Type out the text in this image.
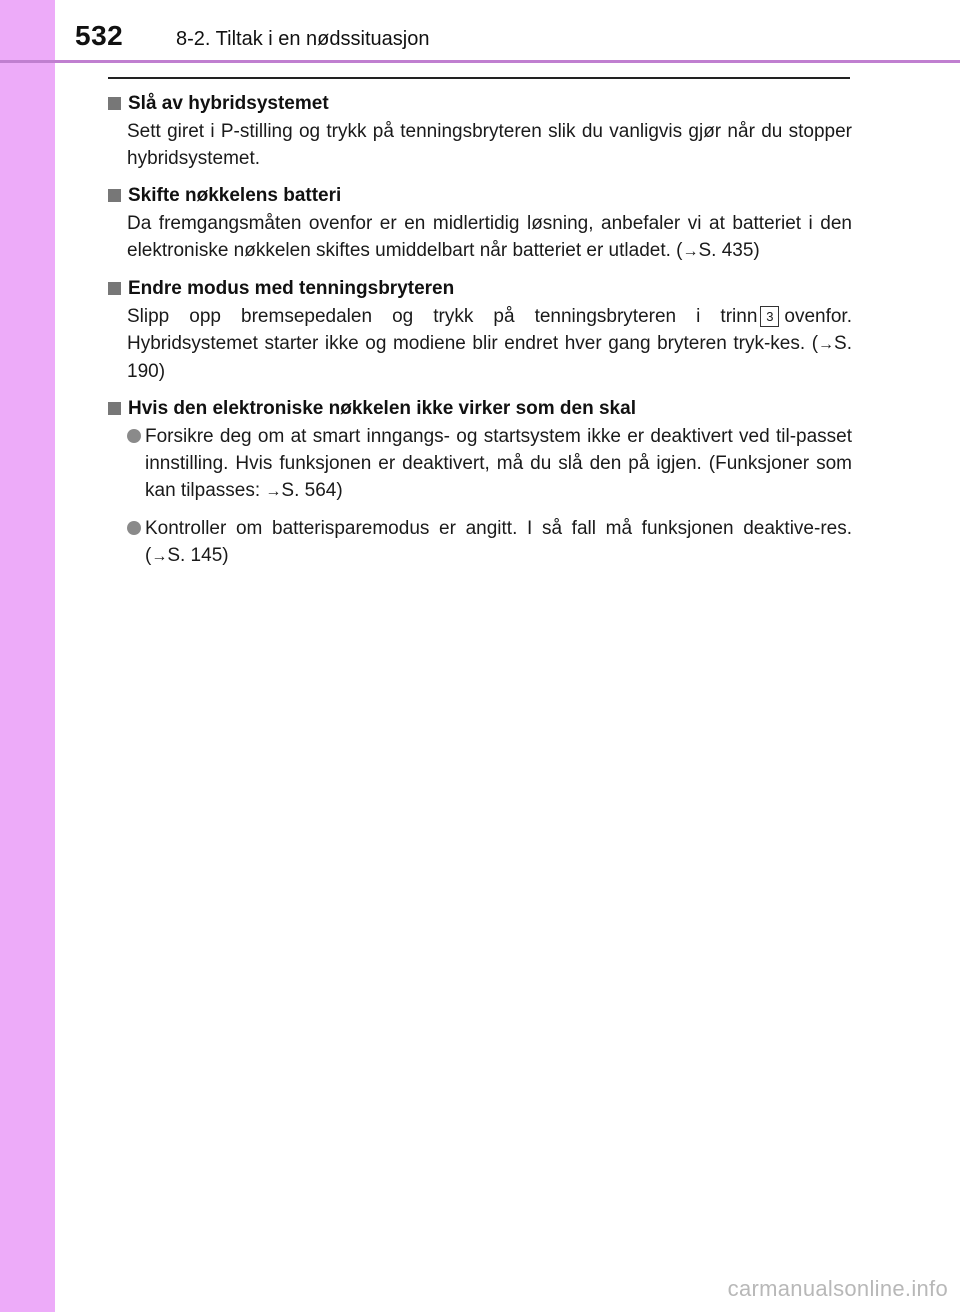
532	8-2. Tiltak i en nødssituasjon
Slå av hybridsystemet
Sett giret i P-stilling og trykk på tenningsbryteren slik du vanligvis gjør når du stopper hybridsystemet.
Skifte nøkkelens batteri
Da fremgangsmåten ovenfor er en midlertidig løsning, anbefaler vi at batteriet i den elektroniske nøkkelen skiftes umiddelbart når batteriet er utladet. (→S. 435)
Endre modus med tenningsbryteren
Slipp opp bremsepedalen og trykk på tenningsbryteren i trinn 3 ovenfor. Hybridsystemet starter ikke og modiene blir endret hver gang bryteren tryk-kes. (→S. 190)
Hvis den elektroniske nøkkelen ikke virker som den skal
Forsikre deg om at smart inngangs- og startsystem ikke er deaktivert ved til-passet innstilling. Hvis funksjonen er deaktivert, må du slå den på igjen. (Funksjoner som kan tilpasses: →S. 564)
Kontroller om batterisparemodus er angitt. I så fall må funksjonen deaktive-res. (→S. 145)
carmanualsonline.info
